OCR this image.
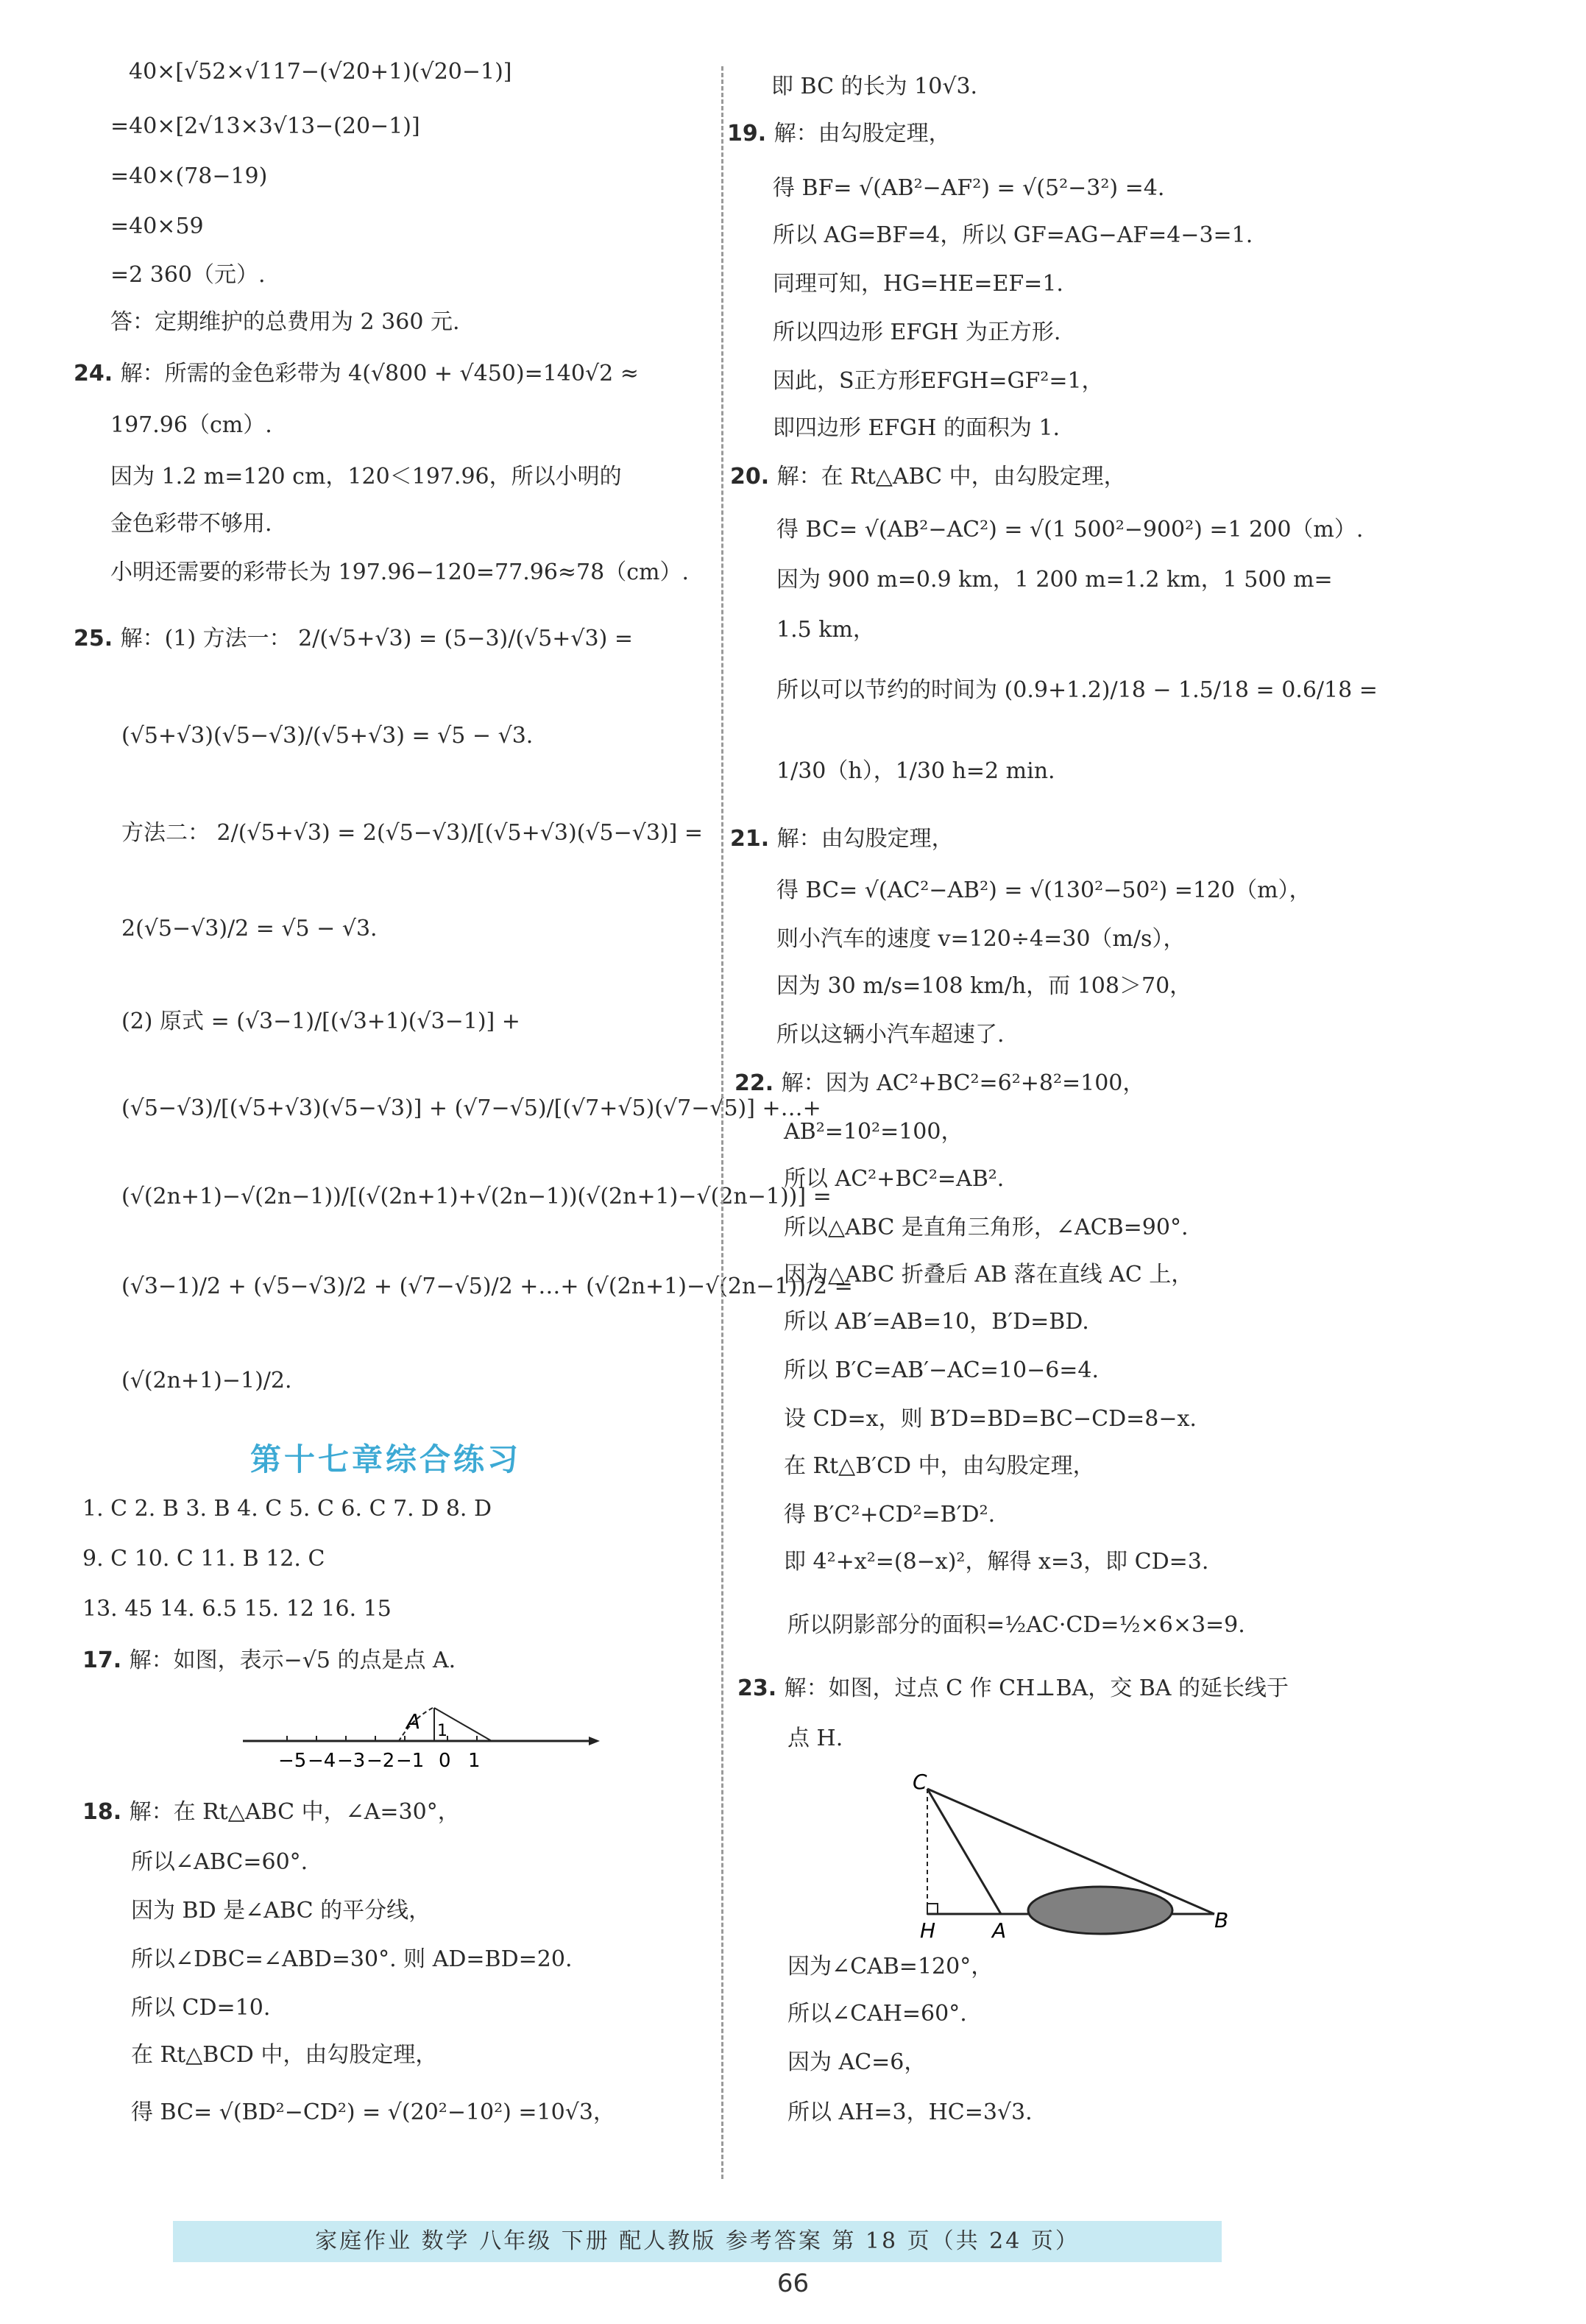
40×[√52×√117−(√20+1)(√20−1)]
=40×[2√13×3√13−(20−1)]
=40×(78−19)
=40×59
=2 360（元）.
答：定期维护的总费用为 2 360 元.
24. 解：所需的金色彩带为 4(√800 + √450)=140√2 ≈
197.96（cm）.
因为 1.2 m=120 cm，120＜197.96，所以小明的
金色彩带不够用.
小明还需要的彩带长为 197.96−120=77.96≈78（cm）.
25. 解：(1) 方法一： 2/(√5+√3) = (5−3)/(√5+√3) =
(√5+√3)(√5−√3)/(√5+√3) = √5 − √3.
方法二： 2/(√5+√3) = 2(√5−√3)/[(√5+√3)(√5−√3)] =
2(√5−√3)/2 = √5 − √3.
(2) 原式 = (√3−1)/[(√3+1)(√3−1)] +
(√5−√3)/[(√5+√3)(√5−√3)] + (√7−√5)/[(√7+√5)(√7−√5)] +…+
(√(2n+1)−√(2n−1))/[(√(2n+1)+√(2n−1))(√(2n+1)−√(2n−1))] =
(√3−1)/2 + (√5−√3)/2 + (√7−√5)/2 +…+ (√(2n+1)−√(2n−1))/2 =
(√(2n+1)−1)/2.
1. C 2. B 3. B 4. C 5. C 6. C 7. D 8. D
9. C 10. C 11. B 12. C
13. 45 14. 6.5 15. 12 16. 15
17. 解：如图，表示−√5 的点是点 A.
18. 解：在 Rt△ABC 中，∠A=30°，
所以∠ABC=60°.
因为 BD 是∠ABC 的平分线，
所以∠DBC=∠ABD=30°. 则 AD=BD=20.
所以 CD=10.
在 Rt△BCD 中，由勾股定理，
得 BC= √(BD²−CD²) = √(20²−10²) =10√3，
即 BC 的长为 10√3.
19. 解：由勾股定理，
得 BF= √(AB²−AF²) = √(5²−3²) =4.
所以 AG=BF=4，所以 GF=AG−AF=4−3=1.
同理可知，HG=HE=EF=1.
所以四边形 EFGH 为正方形.
因此，S正方形EFGH=GF²=1，
即四边形 EFGH 的面积为 1.
20. 解：在 Rt△ABC 中，由勾股定理，
得 BC= √(AB²−AC²) = √(1 500²−900²) =1 200（m）.
因为 900 m=0.9 km，1 200 m=1.2 km，1 500 m=
1.5 km，
所以可以节约的时间为 (0.9+1.2)/18 − 1.5/18 = 0.6/18 =
1/30（h），1/30 h=2 min.
21. 解：由勾股定理，
得 BC= √(AC²−AB²) = √(130²−50²) =120（m），
则小汽车的速度 v=120÷4=30（m/s），
因为 30 m/s=108 km/h，而 108＞70，
所以这辆小汽车超速了.
22. 解：因为 AC²+BC²=6²+8²=100，
AB²=10²=100，
所以 AC²+BC²=AB².
所以△ABC 是直角三角形，∠ACB=90°.
因为△ABC 折叠后 AB 落在直线 AC 上，
所以 AB′=AB=10，B′D=BD.
所以 B′C=AB′−AC=10−6=4.
设 CD=x，则 B′D=BD=BC−CD=8−x.
在 Rt△B′CD 中，由勾股定理，
得 B′C²+CD²=B′D².
即 4²+x²=(8−x)²，解得 x=3，即 CD=3.
所以阴影部分的面积=½AC·CD=½×6×3=9.
23. 解：如图，过点 C 作 CH⊥BA，交 BA 的延长线于
点 H.
因为∠CAB=120°，
所以∠CAH=60°.
因为 AC=6，
所以 AH=3，HC=3√3.
第十七章综合练习
−5 −4 −3 −2 −1 0 1
A 1
C
H	A	B
家庭作业 数学 八年级 下册 配人教版 参考答案 第 18 页（共 24 页）
66
